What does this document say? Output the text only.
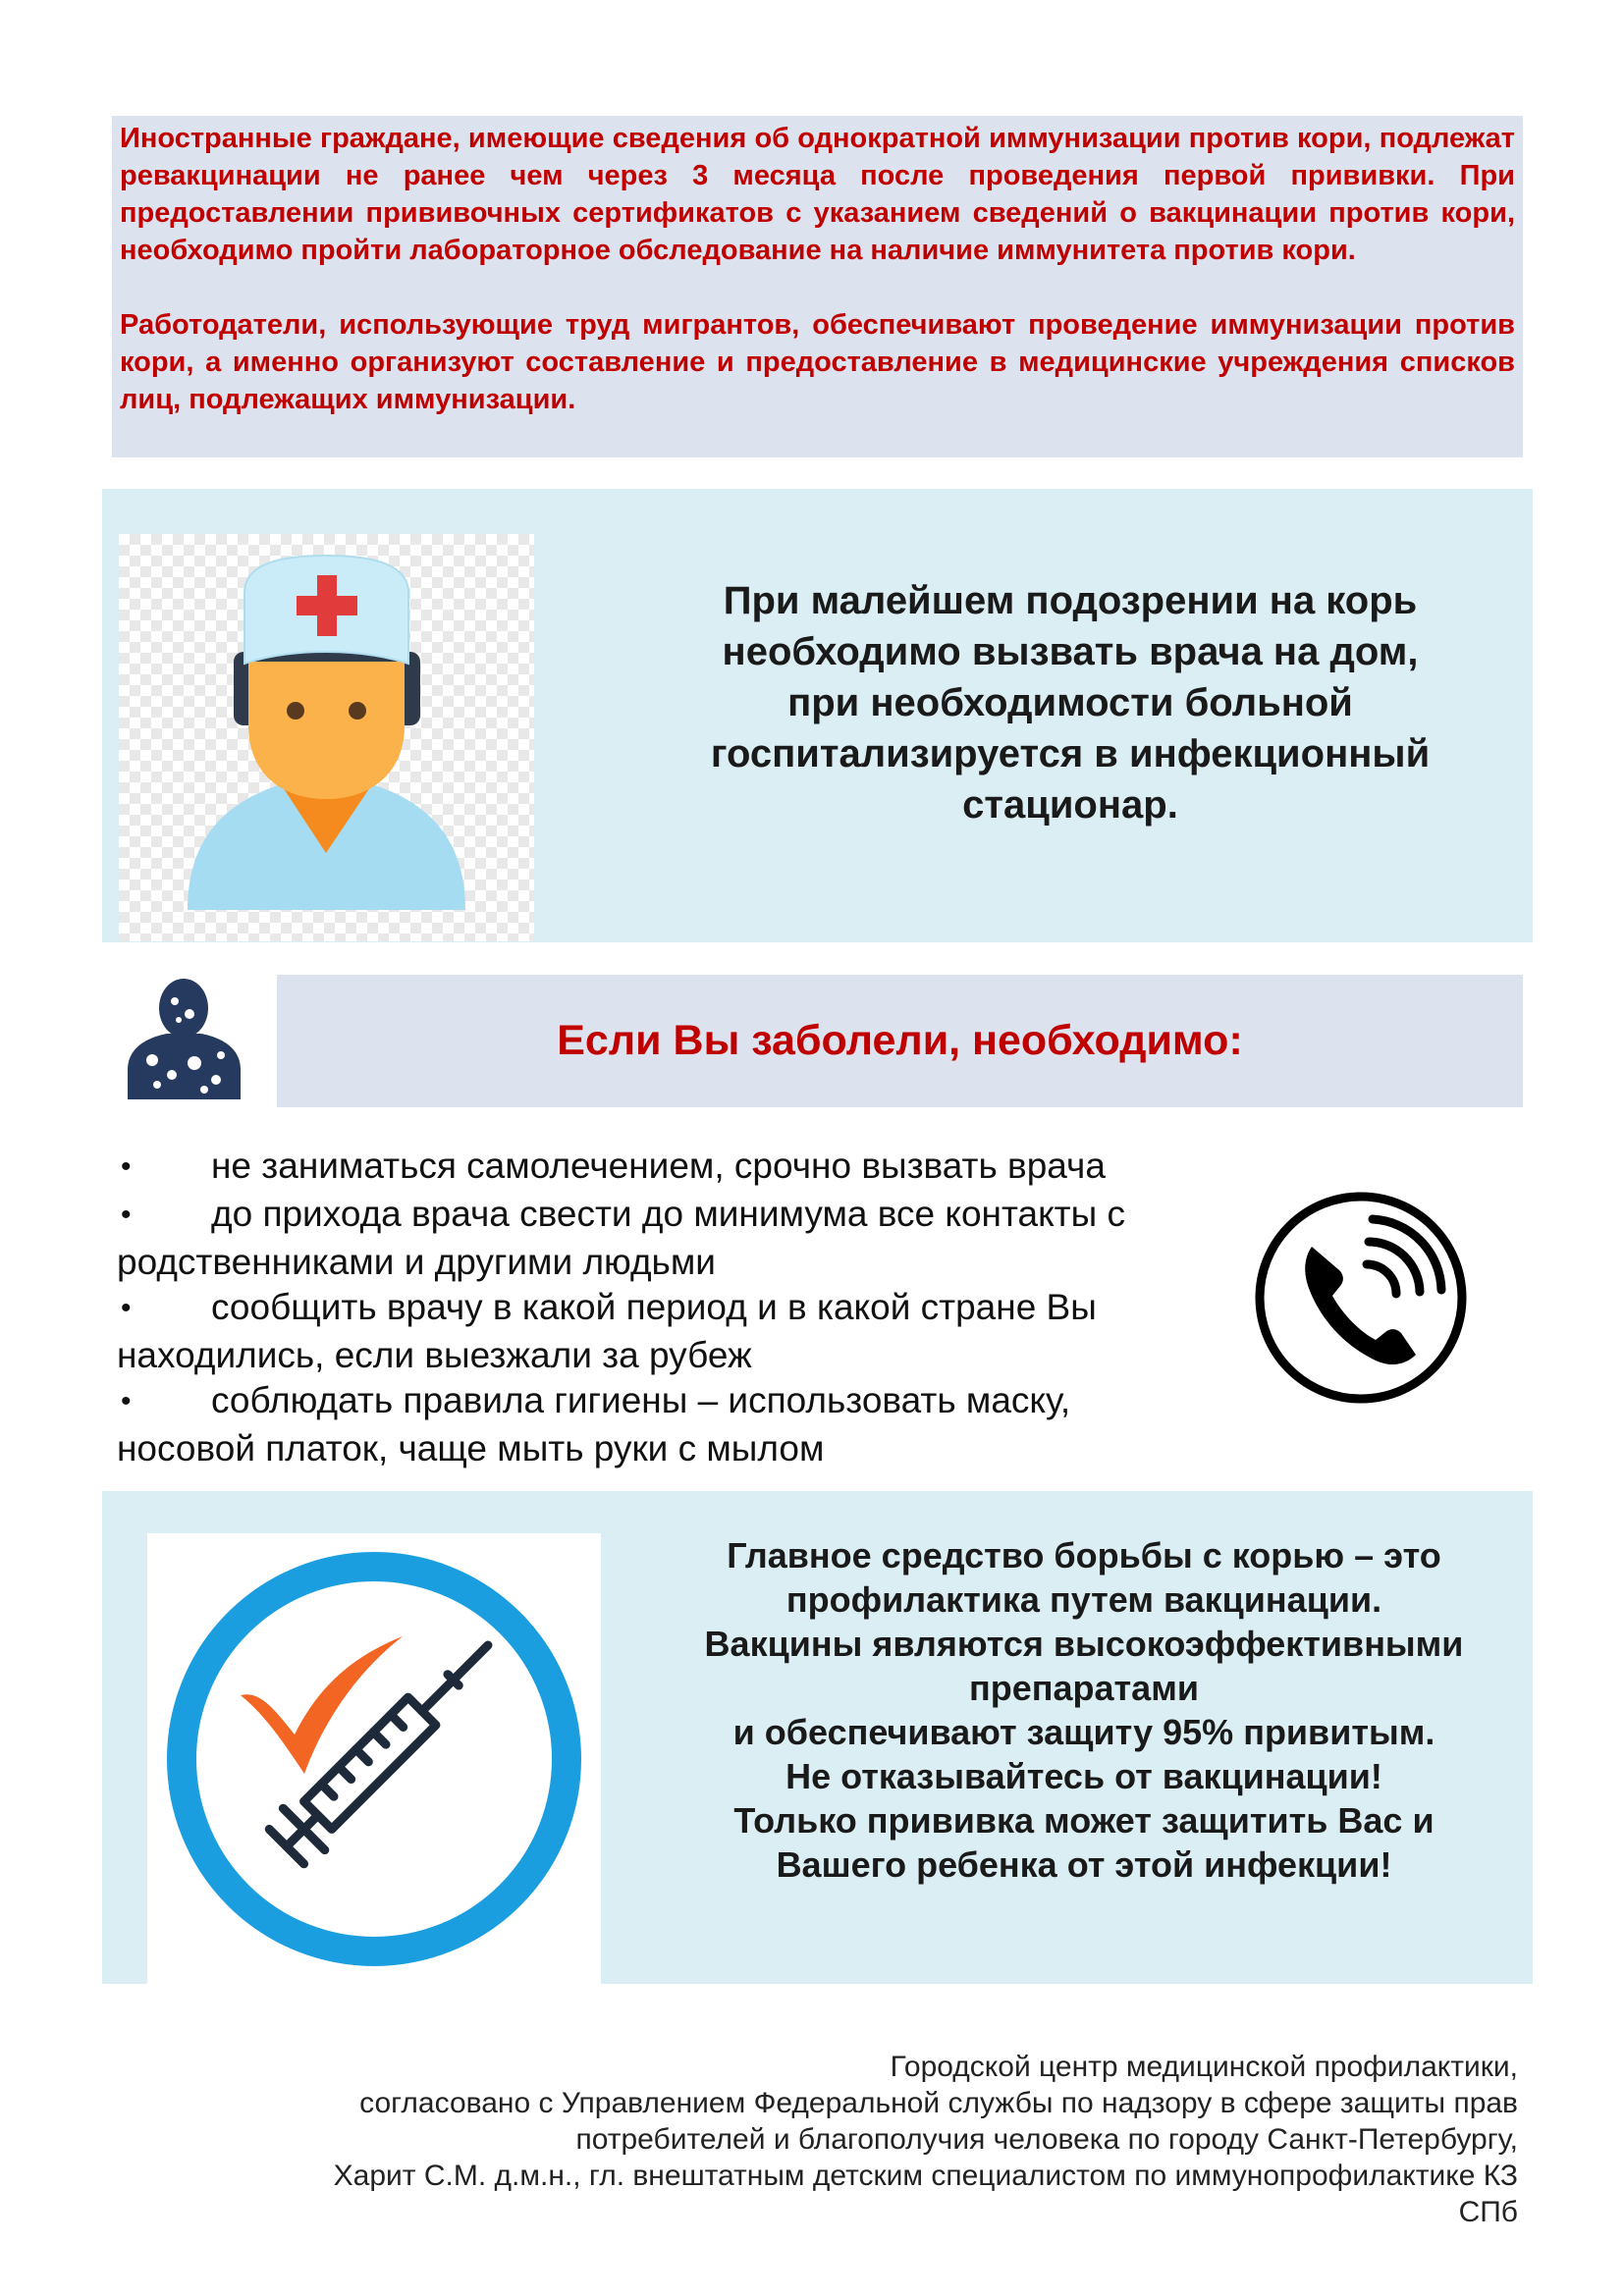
Иностранные граждане, имеющие сведения об однократной иммунизации против кори, подлежат ревакцинации не ранее чем через 3 месяца после проведения первой прививки. При предоставлении прививочных сертификатов с указанием сведений о вакцинации против кори, необходимо пройти лабораторное обследование на наличие иммунитета против кори.

Работодатели, использующие труд мигрантов, обеспечивают проведение иммунизации против кори, а именно организуют составление и предоставление в медицинские учреждения списков лиц, подлежащих иммунизации.

При малейшем подозрении на корь
необходимо вызвать врача на дом,
при необходимости больной
госпитализируется в инфекционный
стационар.
Если Вы заболели, необходимо:
•не заниматься самолечением, срочно вызвать врача
•до прихода врача свести до минимума все контакты с родственниками и другими людьми
•сообщить врачу в какой период и в какой стране Вы находились, если выезжали за рубеж
•соблюдать правила гигиены – использовать маску, носовой платок, чаще мыть руки с мылом
Главное средство борьбы с корью – это
профилактика путем вакцинации.
Вакцины являются высокоэффективными
препаратами
и обеспечивают защиту 95% привитым.
Не отказывайтесь от вакцинации!
Только прививка может защитить Вас и
Вашего ребенка от этой инфекции!
Городской центр медицинской профилактики,
согласовано с Управлением Федеральной службы по надзору в сфере защиты прав
потребителей и благополучия человека по городу Санкт-Петербургу,
Харит С.М. д.м.н., гл. внештатным детским специалистом по иммунопрофилактике КЗ
СПб
